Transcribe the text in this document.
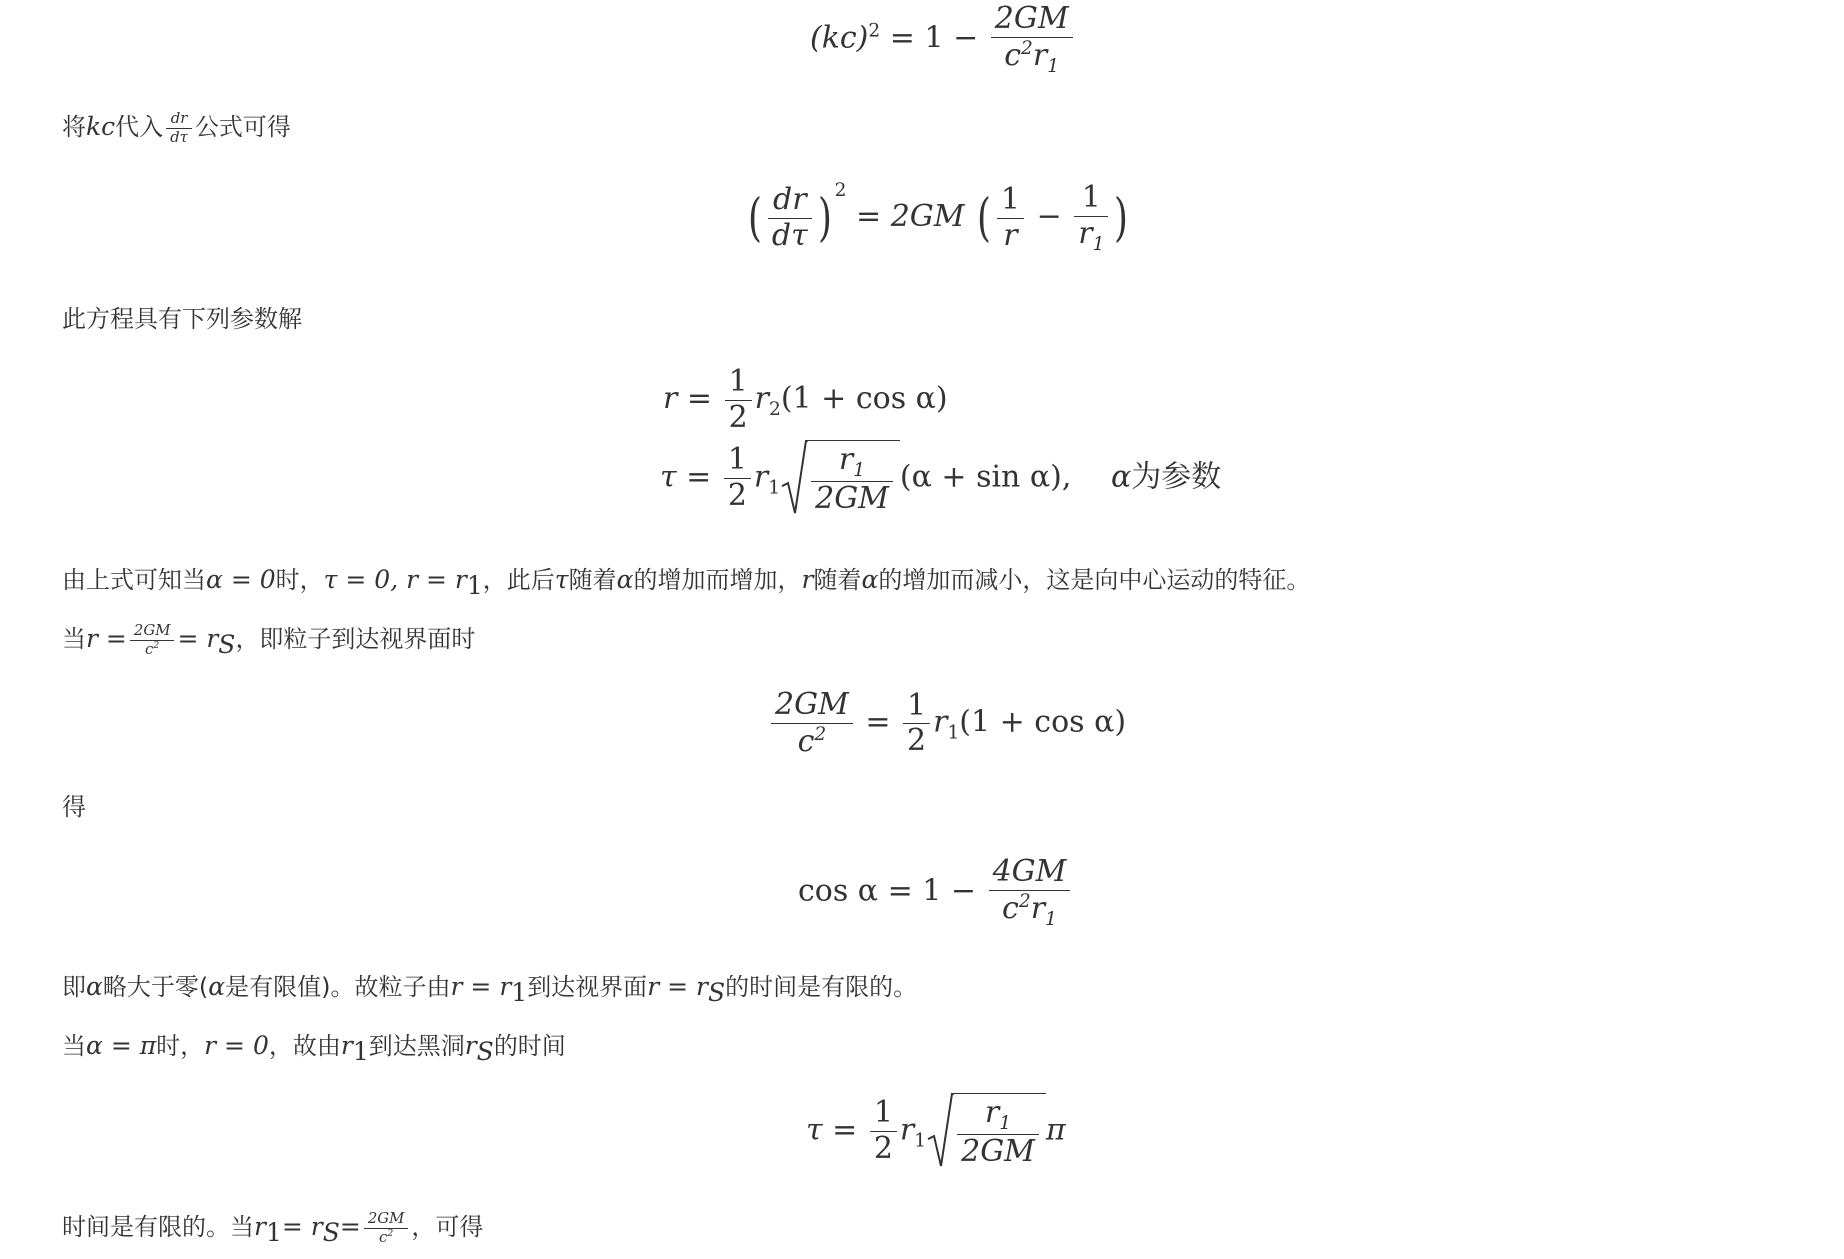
$(kc)^2 = 1 - \frac{2GM}{c^2r_1}$
将kc代入 $\frac{dr}{d\tau}$ 公式可得
( $\frac{dr}{d\tau}$ ) $^2$ = 2GM ( $\frac{1}{r} - \frac{1}{r_1}$ )
此方程具有下列参数解
$r = \frac{1}{2} r_2(1 + \cos \alpha)$
$\tau = \frac{1}{2} r_1 \frac{r_1}{2GM} (\alpha + \sin \alpha)$, α为参数
由上式可知当α = 0时，τ = 0, $r = r_1$，此后τ随着α的增加而增加，r随着α的增加而减小，这是向中心运动的特征。
当$r = \frac{2GM}{c^2} = r_S$，即粒子到达视界面时
$\frac{2GM}{c^2} = \frac{1}{2} r_1(1 + \cos \alpha)$
得
$\cos \alpha = 1 - \frac{4GM}{c^2r_1}$
即α略大于零(α是有限值)。故粒子由$r = r_1$到达视界面$r = r_S$的时间是有限的。
当α = π时，r = 0，故由$r_1$到达黑洞$r_S$的时间
$\tau = \frac{1}{2} r_1 \frac{r_1}{2GM}$ π
时间是有限的。当$r_1= r_S= \frac{2GM}{c^2}$ ，可得
